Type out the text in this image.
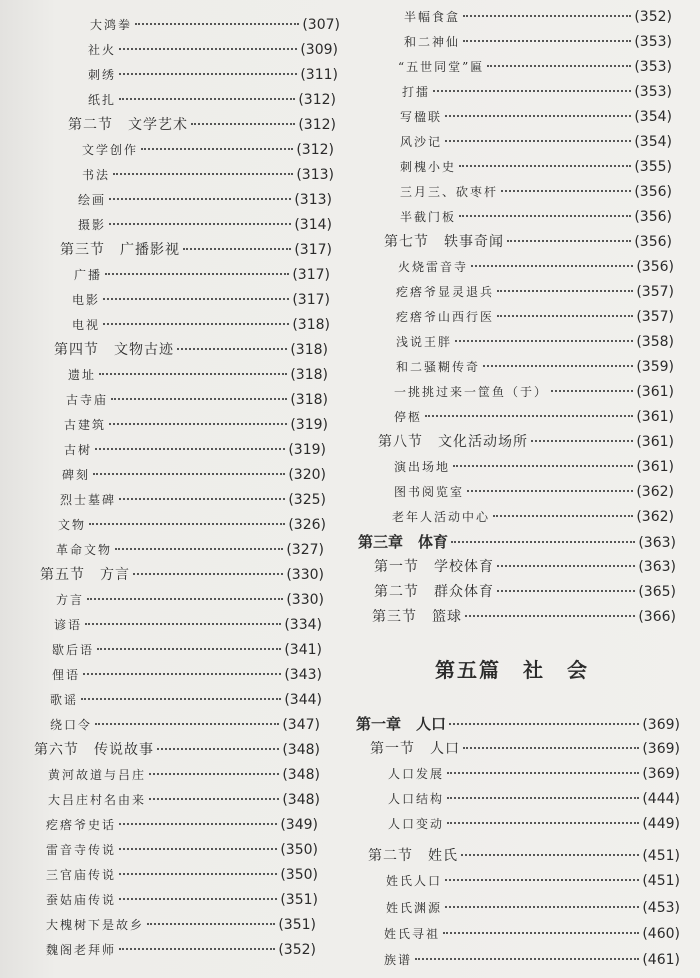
大鸿拳	(307)
社火	(309)
刺绣	(311)
纸扎	(312)
第二节　文学艺术	(312)
文学创作	(312)
书法	(313)
绘画	(313)
摄影	(314)
第三节　广播影视	(317)
广播	(317)
电影	(317)
电视	(318)
第四节　文物古迹	(318)
遗址	(318)
古寺庙	(318)
古建筑	(319)
古树	(319)
碑刻	(320)
烈士墓碑	(325)
文物	(326)
革命文物	(327)
第五节　方言	(330)
方言	(330)
谚语	(334)
歇后语	(341)
俚语	(343)
歌谣	(344)
绕口令	(347)
第六节　传说故事	(348)
黄河故道与吕庄	(348)
大吕庄村名由来	(348)
疙瘩爷史话	(349)
雷音寺传说	(350)
三官庙传说	(350)
蚕姑庙传说	(351)
大槐树下是故乡	(351)
魏阁老拜师	(352)
半幅食盒	(352)
和二神仙	(353)
“五世同堂”匾	(353)
打擂	(353)
写楹联	(354)
风沙记	(354)
刺槐小史	(355)
三月三、砍枣杆	(356)
半截门板	(356)
第七节　轶事奇闻	(356)
火烧雷音寺	(356)
疙瘩爷显灵退兵	(357)
疙瘩爷山西行医	(357)
浅说王胖	(358)
和二骚糊传奇	(359)
一挑挑过来一筐鱼（于）	(361)
停柩	(361)
第八节　文化活动场所	(361)
演出场地	(361)
图书阅览室	(362)
老年人活动中心	(362)
第三章　体育	(363)
第一节　学校体育	(363)
第二节　群众体育	(365)
第三节　篮球	(366)
第一章　人口	(369)
第一节　人口	(369)
人口发展	(369)
人口结构	(444)
人口变动	(449)
第二节　姓氏	(451)
姓氏人口	(451)
姓氏渊源	(453)
姓氏寻祖	(460)
族谱	(461)
第五篇　社　会
